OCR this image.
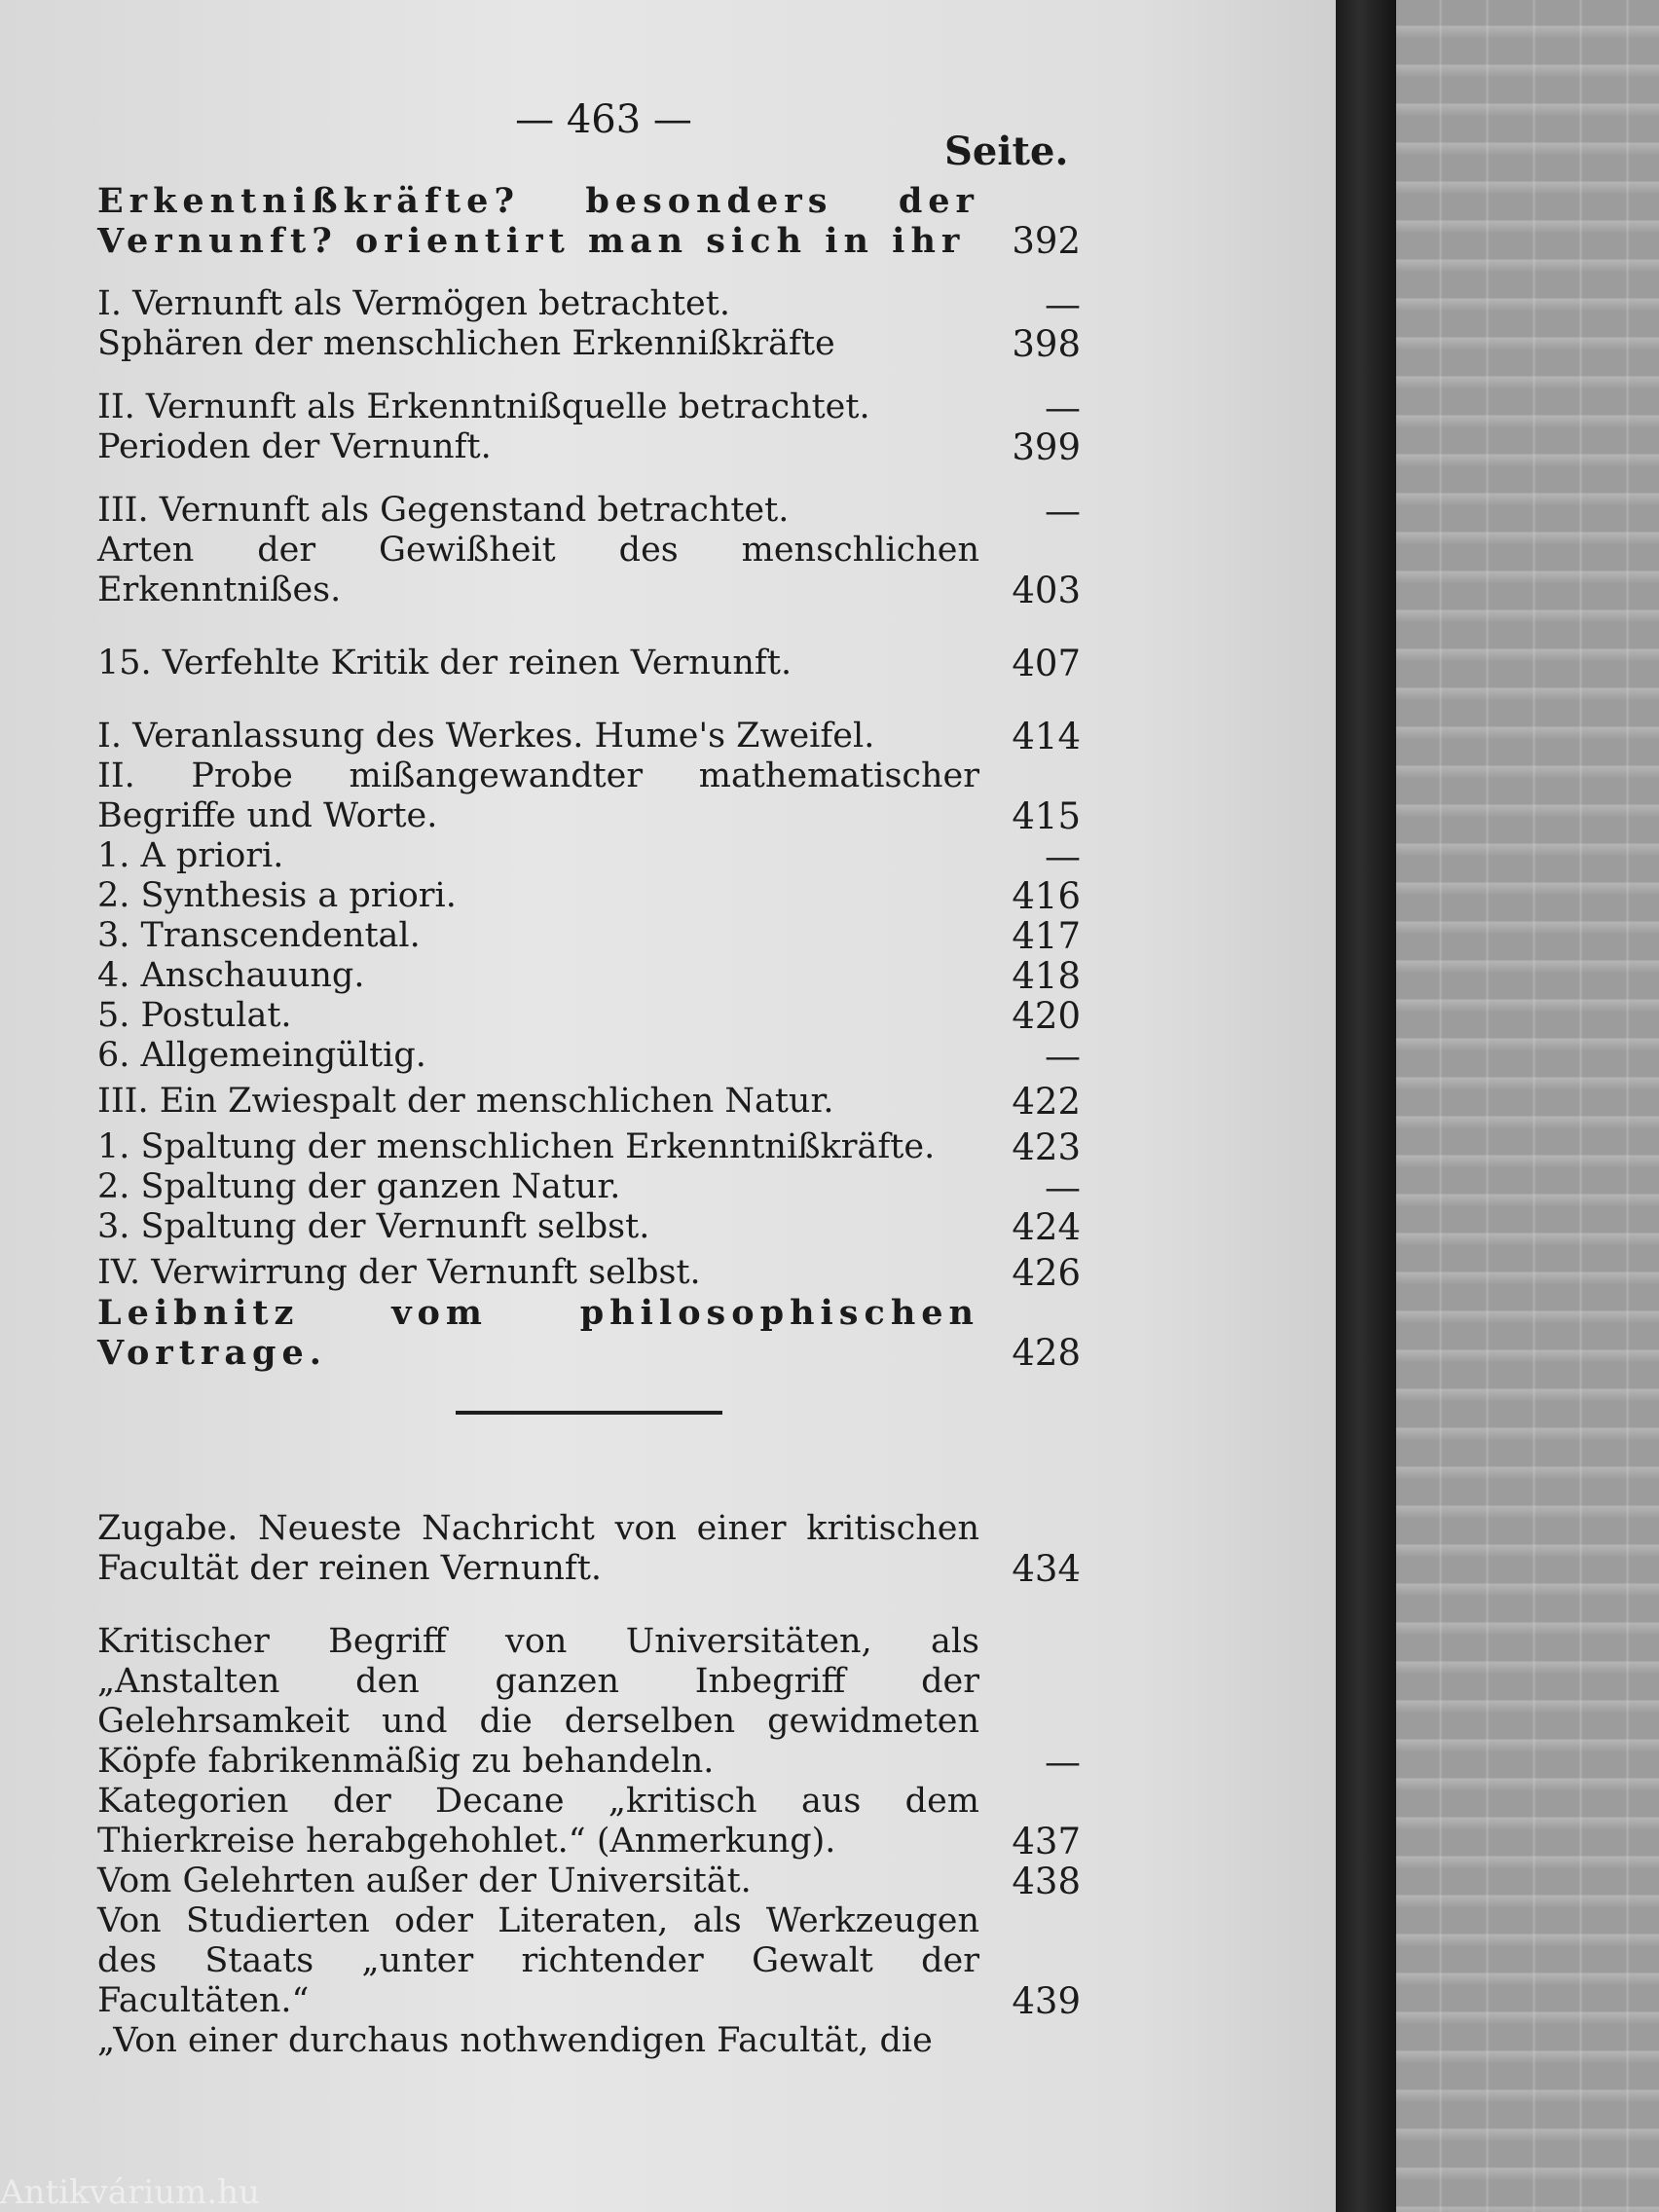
— 463 —
Seite.
Erkentnißkräfte? besonders der Vernunft? orientirt man sich in ihr	392
I. Vernunft als Vermögen betrachtet.	—
Sphären der menschlichen Erkennißkräfte	398
II. Vernunft als Erkenntnißquelle betrachtet.	—
Perioden der Vernunft.	399
III. Vernunft als Gegenstand betrachtet.	—
Arten der Gewißheit des menschlichen Erkenntnißes.	403
15. Verfehlte Kritik der reinen Vernunft.	407
I. Veranlassung des Werkes. Hume's Zweifel.	414
II. Probe mißangewandter mathematischer Begriffe und Worte.	415
1. A priori.	—
2. Synthesis a priori.	416
3. Transcendental.	417
4. Anschauung.	418
5. Postulat.	420
6. Allgemeingültig.	—
III. Ein Zwiespalt der menschlichen Natur.	422
1. Spaltung der menschlichen Erkenntnißkräfte.	423
2. Spaltung der ganzen Natur.	—
3. Spaltung der Vernunft selbst.	424
IV. Verwirrung der Vernunft selbst.	426
Leibnitz vom philosophischen Vortrage.	428
Zugabe. Neueste Nachricht von einer kritischen Facultät der reinen Vernunft.	434
Kritischer Begriff von Universitäten, als „Anstalten den ganzen Inbegriff der Gelehrsamkeit und die derselben gewidmeten Köpfe fabrikenmäßig zu behandeln.	—
Kategorien der Decane „kritisch aus dem Thierkreise herabgehohlet.“ (Anmerkung).	437
Vom Gelehrten außer der Universität.	438
Von Studierten oder Literaten, als Werkzeugen des Staats „unter richtender Gewalt der Facultäten.“	439
„Von einer durchaus nothwendigen Facultät, die
Antikvárium.hu
